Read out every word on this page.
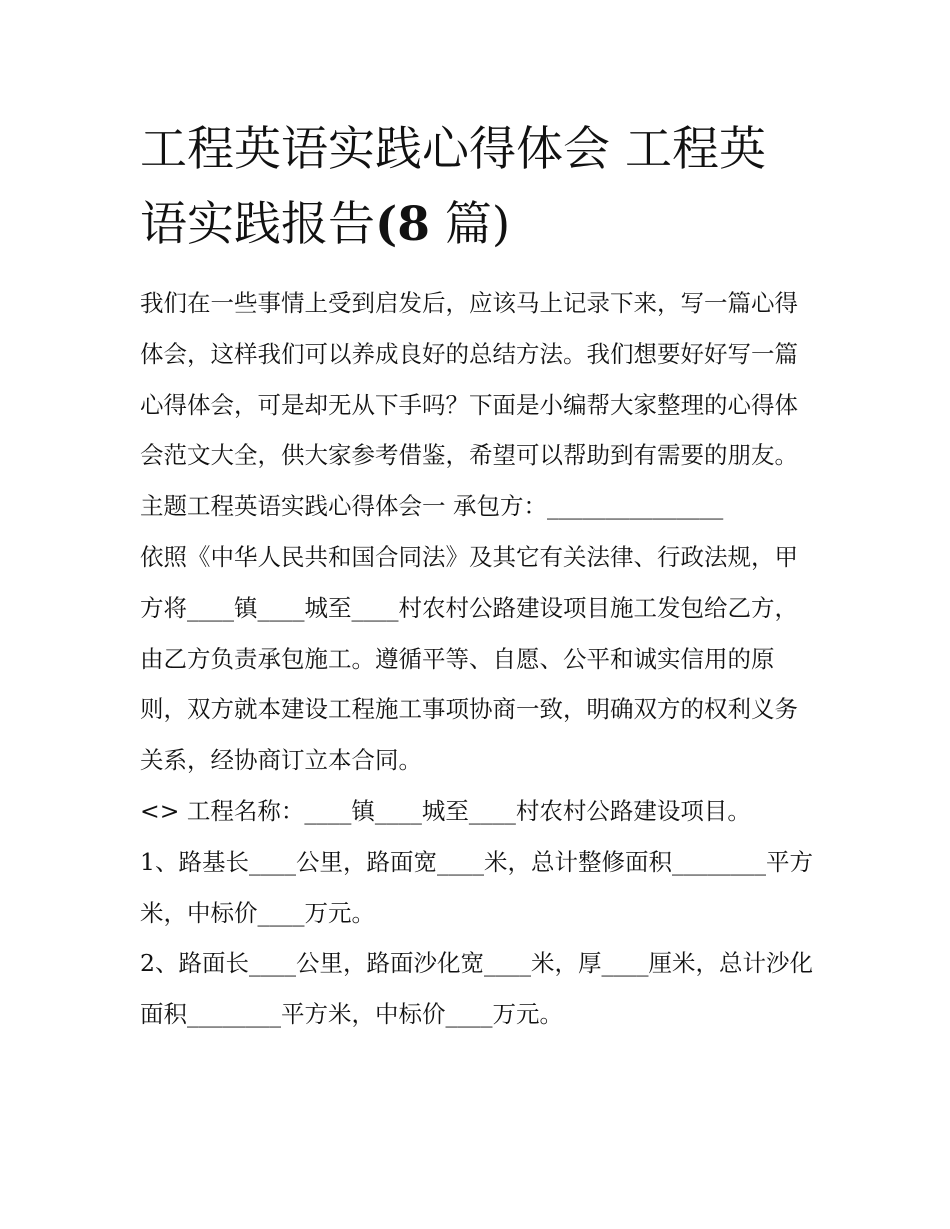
工程英语实践心得体会 工程英
语实践报告(8 篇)

我们在一些事情上受到启发后，应该马上记录下来，写一篇心得体会，这样我们可以养成良好的总结方法。我们想要好好写一篇心得体会，可是却无从下手吗？下面是小编帮大家整理的心得体会范文大全，供大家参考借鉴，希望可以帮助到有需要的朋友。

主题工程英语实践心得体会一 承包方：_______________

依照《中华人民共和国合同法》及其它有关法律、行政法规，甲方将____镇____城至____村农村公路建设项目施工发包给乙方，由乙方负责承包施工。遵循平等、自愿、公平和诚实信用的原则，双方就本建设工程施工事项协商一致，明确双方的权利义务关系，经协商订立本合同。

<> 工程名称：____镇____城至____村农村公路建设项目。

1、路基长____公里，路面宽____米，总计整修面积________平方米，中标价____万元。

2、路面长____公里，路面沙化宽____米，厚____厘米，总计沙化面积________平方米，中标价____万元。
